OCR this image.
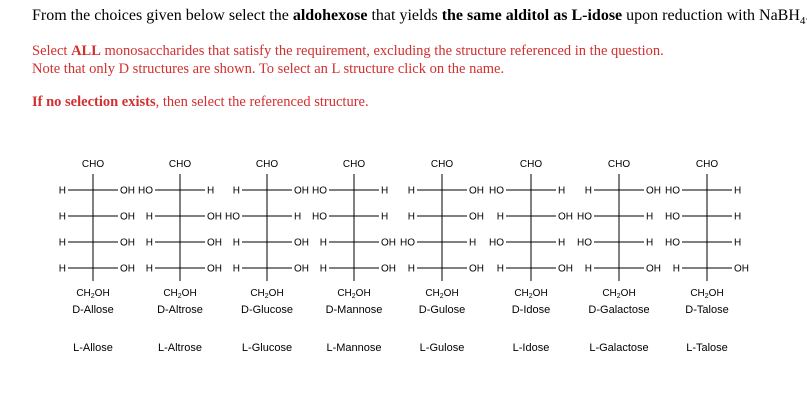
From the choices given below select the aldohexose that yields the same alditol as L-idose upon reduction with NaBH$_4$
Select ALL monosaccharides that satisfy the requirement, excluding the structure referenced in the question.
Note that only D structures are shown. To select an L structure click on the name.
If no selection exists, then select the referenced structure.
CHO
H	OH
H	OH
H	OH
H	OH
$CH_2OH$
D-Allose
CHO
HO	H
H	OH
H	OH
H	OH
$CH_2OH$
D-Altrose
CHO
H	OH
HO	H
H	OH
H	OH
$CH_2OH$
D-Glucose
CHO
HO	H
HO	H
H	OH
H	OH
$CH_2OH$
D-Mannose
CHO
H	OH
H	OH
HO	H
H	OH
$CH_2OH$
D-Gulose
CHO
HO	H
H	OH
HO	H
H	OH
$CH_2OH$
D-Idose
CHO
H	OH
HO	H
HO	H
H	OH
$CH_2OH$
D-Galactose
CHO
HO	H
HO	H
HO	H
H	OH
$CH_2OH$
D-Talose
L-Allose	L-Altrose	L-Glucose	L-Mannose	L-Gulose	L-Idose	L-Galactose	L-Talose
